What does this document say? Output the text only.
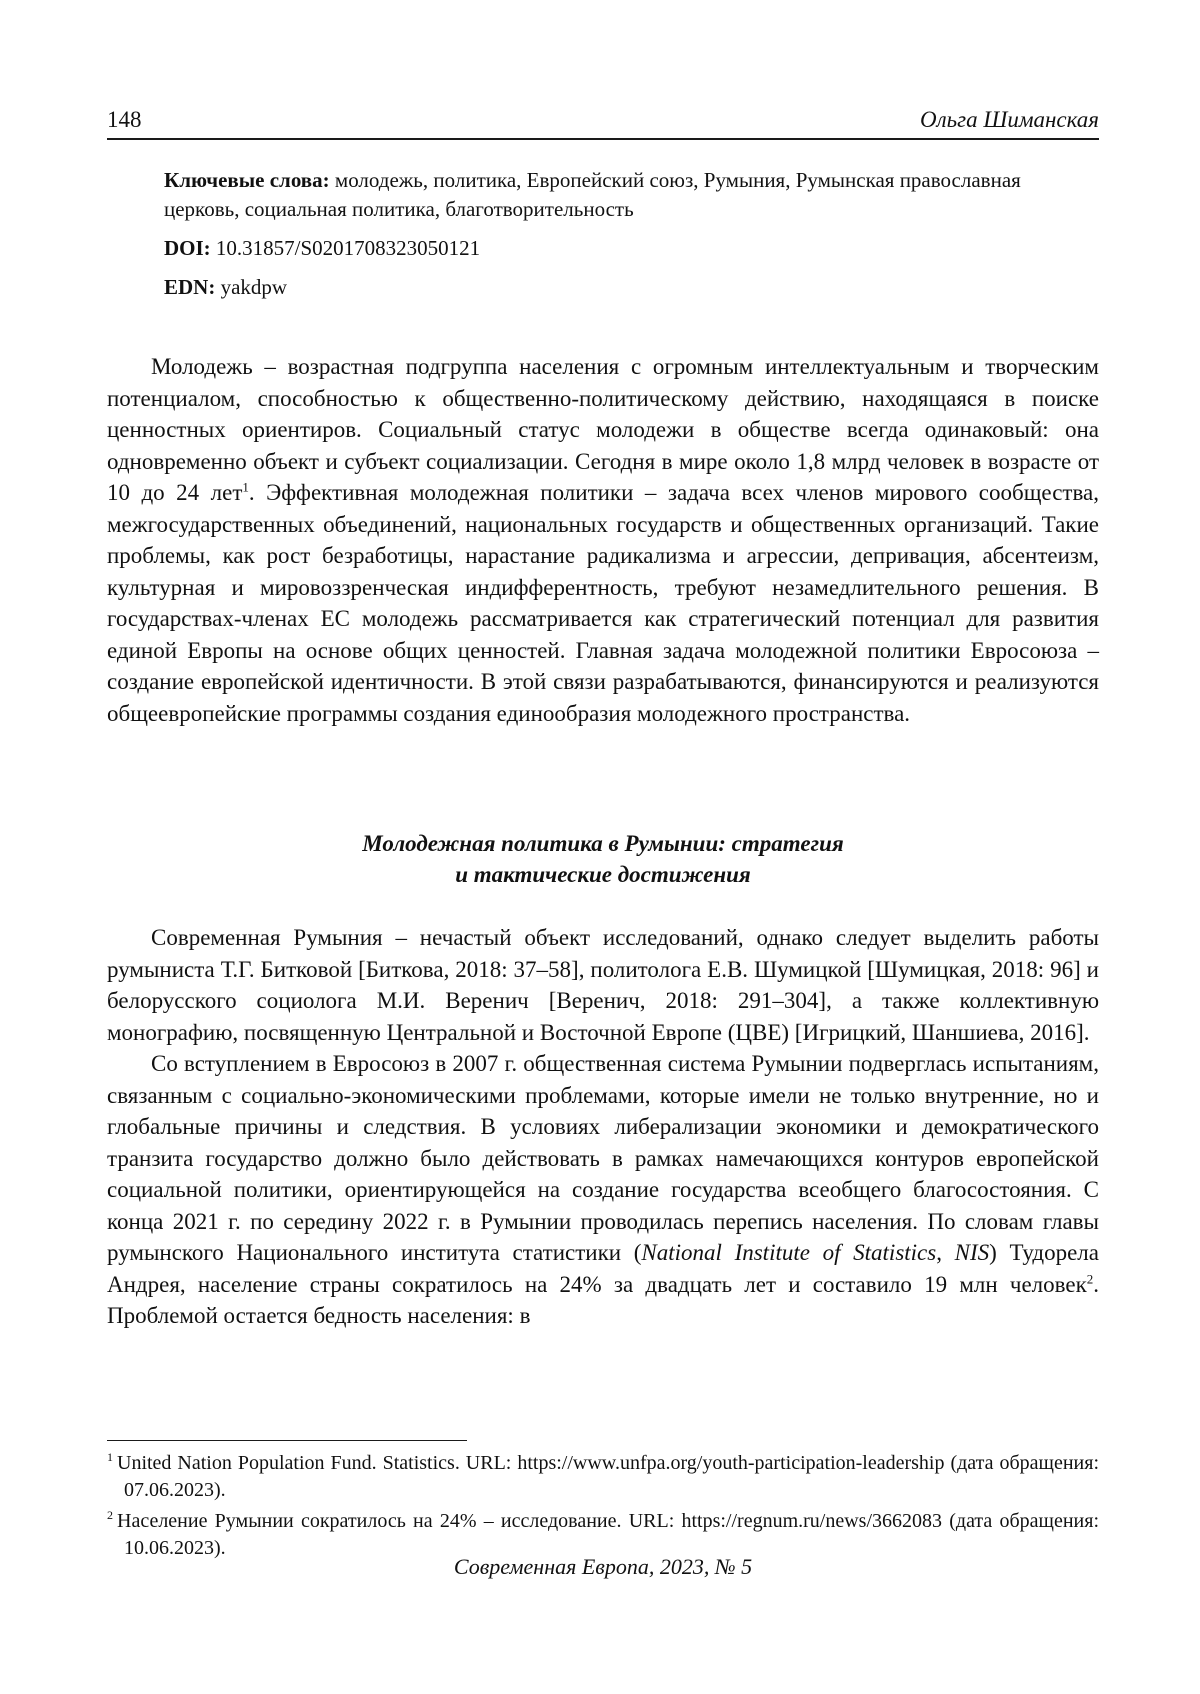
148	Ольга Шиманская

Ключевые слова: молодежь, политика, Европейский союз, Румыния, Румынская православная церковь, социальная политика, благотворительность

DOI: 10.31857/S0201708323050121

EDN: yakdpw

Молодежь – возрастная подгруппа населения с огромным интеллектуальным и творческим потенциалом, способностью к общественно-политическому действию, находящаяся в поиске ценностных ориентиров. Социальный статус молодежи в обществе всегда одинаковый: она одновременно объект и субъект социализации. Сегодня в мире около 1,8 млрд человек в возрасте от 10 до 24 лет$^1$. Эффективная молодежная политики – задача всех членов мирового сообщества, межгосударственных объединений, национальных государств и общественных организаций. Такие проблемы, как рост безработицы, нарастание радикализма и агрессии, депривация, абсентеизм, культурная и мировоззренческая индифферентность, требуют незамедлительного решения. В государствах-членах ЕС молодежь рассматривается как стратегический потенциал для развития единой Европы на основе общих ценностей. Главная задача молодежной политики Евросоюза – создание европейской идентичности. В этой связи разрабатываются, финансируются и реализуются общеевропейские программы создания единообразия молодежного пространства.

Молодежная политика в Румынии: стратегия
и тактические достижения

Современная Румыния – нечастый объект исследований, однако следует выделить работы румыниста Т.Г. Битковой [Биткова, 2018: 37–58], политолога Е.В. Шумицкой [Шумицкая, 2018: 96] и белорусского социолога М.И. Веренич [Веренич, 2018: 291–304], а также коллективную монографию, посвященную Центральной и Восточной Европе (ЦВЕ) [Игрицкий, Шаншиева, 2016].

Со вступлением в Евросоюз в 2007 г. общественная система Румынии подверглась испытаниям, связанным с социально-экономическими проблемами, которые имели не только внутренние, но и глобальные причины и следствия. В условиях либерализации экономики и демократического транзита государство должно было действовать в рамках намечающихся контуров европейской социальной политики, ориентирующейся на создание государства всеобщего благосостояния. С конца 2021 г. по середину 2022 г. в Румынии проводилась перепись населения. По словам главы румынского Национального института статистики (National Institute of Statistics, NIS) Тудорела Андрея, население страны сократилось на 24% за двадцать лет и составило 19 млн человек$^2$. Проблемой остается бедность населения: в

$^1$ United Nation Population Fund. Statistics. URL: https://www.unfpa.org/youth-participation-leadership (дата обращения: 07.06.2023).

$^2$ Население Румынии сократилось на 24% – исследование. URL: https://regnum.ru/news/3662083 (дата обращения: 10.06.2023).

Современная Европа, 2023, № 5
